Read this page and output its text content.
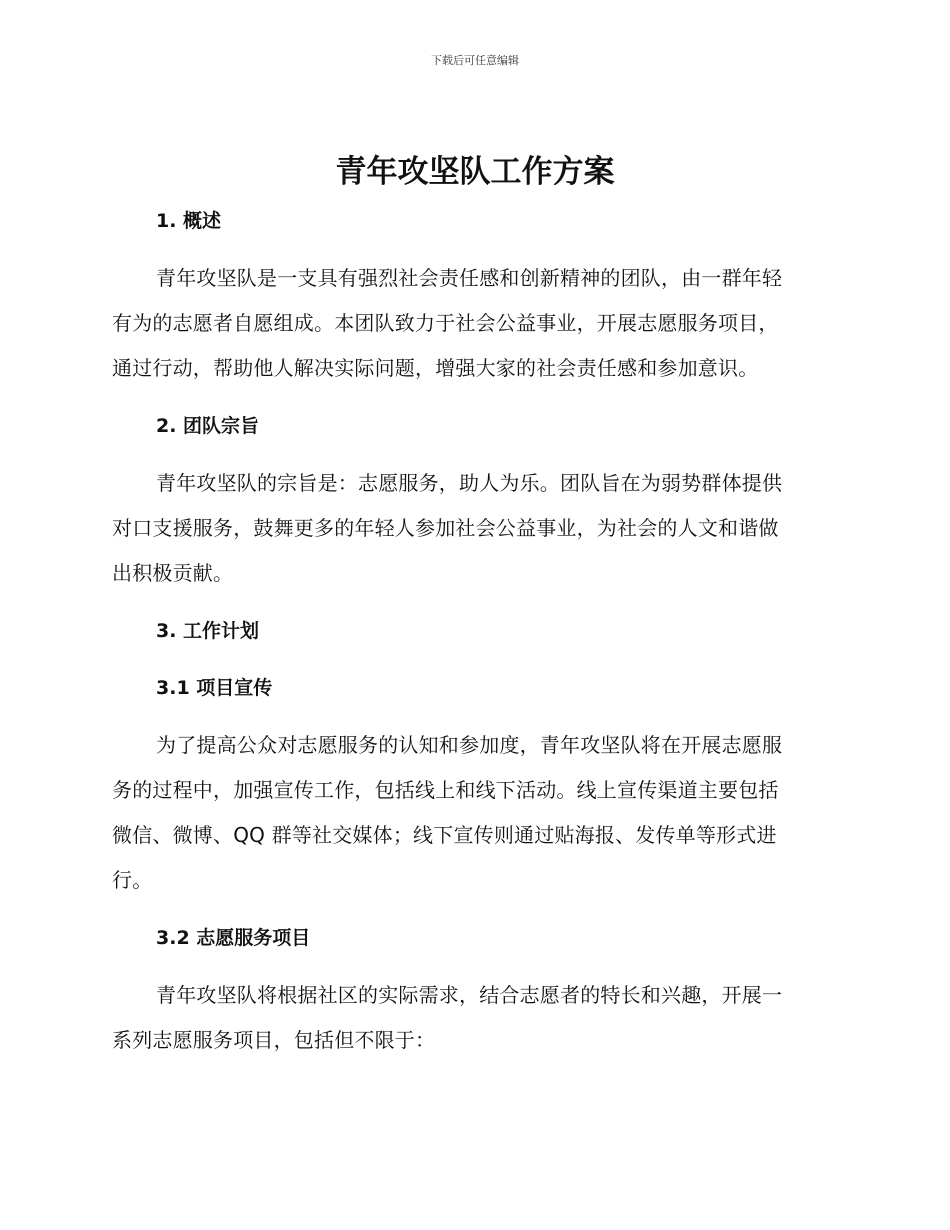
下载后可任意编辑
青年攻坚队工作方案
1. 概述

青年攻坚队是一支具有强烈社会责任感和创新精神的团队，由一群年轻
有为的志愿者自愿组成。本团队致力于社会公益事业，开展志愿服务项目，
通过行动，帮助他人解决实际问题，增强大家的社会责任感和参加意识。

2. 团队宗旨

青年攻坚队的宗旨是：志愿服务，助人为乐。团队旨在为弱势群体提供
对口支援服务，鼓舞更多的年轻人参加社会公益事业，为社会的人文和谐做
出积极贡献。

3. 工作计划
3.1 项目宣传

为了提高公众对志愿服务的认知和参加度，青年攻坚队将在开展志愿服
务的过程中，加强宣传工作，包括线上和线下活动。线上宣传渠道主要包括
微信、微博、QQ 群等社交媒体；线下宣传则通过贴海报、发传单等形式进
行。

3.2 志愿服务项目

青年攻坚队将根据社区的实际需求，结合志愿者的特长和兴趣，开展一
系列志愿服务项目，包括但不限于：
